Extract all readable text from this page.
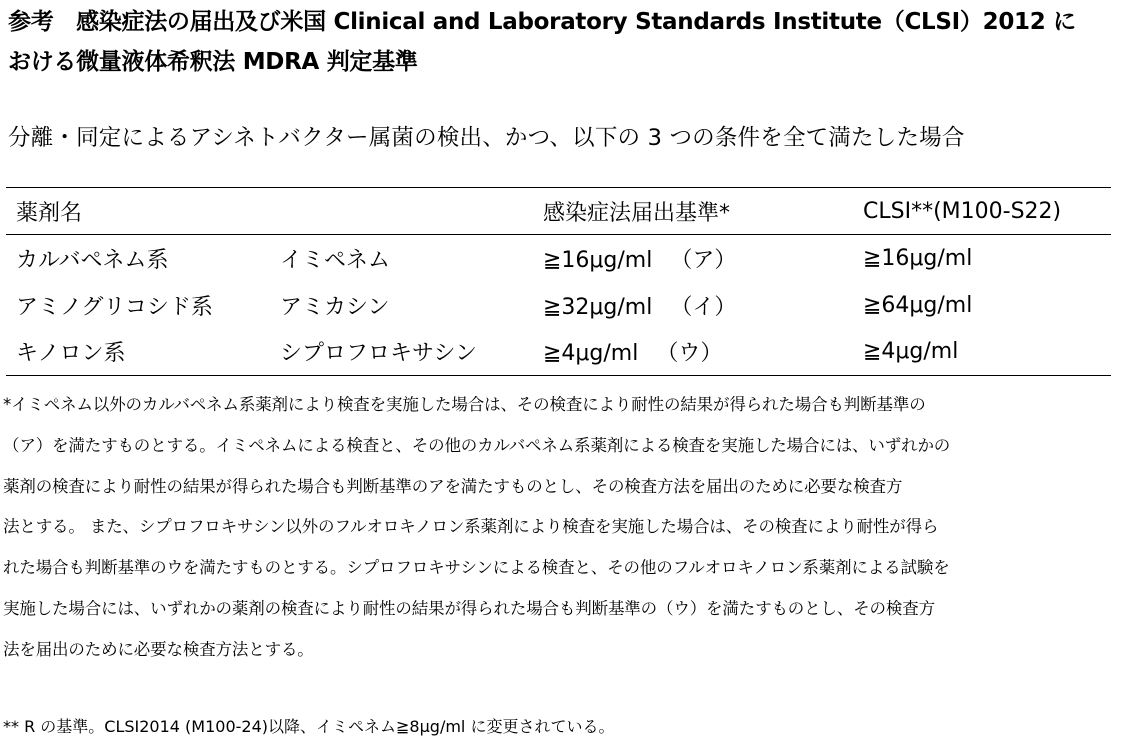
参考　感染症法の届出及び米国 Clinical and Laboratory Standards Institute（CLSI）2012 に
おける微量液体希釈法 MDRA 判定基準
分離・同定によるアシネトバクター属菌の検出、かつ、以下の 3 つの条件を全て満たした場合
薬剤名		感染症法届出基準*	CLSI**(M100-S22)
カルバペネム系	イミペネム	≧16μg/ml （ア）	≧16μg/ml
アミノグリコシド系	アミカシン	≧32μg/ml （イ）	≧64μg/ml
キノロン系	シプロフロキサシン	≧4μg/ml （ウ）	≧4μg/ml

*イミペネム以外のカルバペネム系薬剤により検査を実施した場合は、その検査により耐性の結果が得られた場合も判断基準の

（ア）を満たすものとする。イミペネムによる検査と、その他のカルバペネム系薬剤による検査を実施した場合には、いずれかの

薬剤の検査により耐性の結果が得られた場合も判断基準のアを満たすものとし、その検査方法を届出のために必要な検査方

法とする。 また、シプロフロキサシン以外のフルオロキノロン系薬剤により検査を実施した場合は、その検査により耐性が得ら

れた場合も判断基準のウを満たすものとする。シプロフロキサシンによる検査と、その他のフルオロキノロン系薬剤による試験を

実施した場合には、いずれかの薬剤の検査により耐性の結果が得られた場合も判断基準の（ウ）を満たすものとし、その検査方

法を届出のために必要な検査方法とする。

** R の基準。CLSI2014 (M100-24)以降、イミペネム≧8μg/ml に変更されている。
